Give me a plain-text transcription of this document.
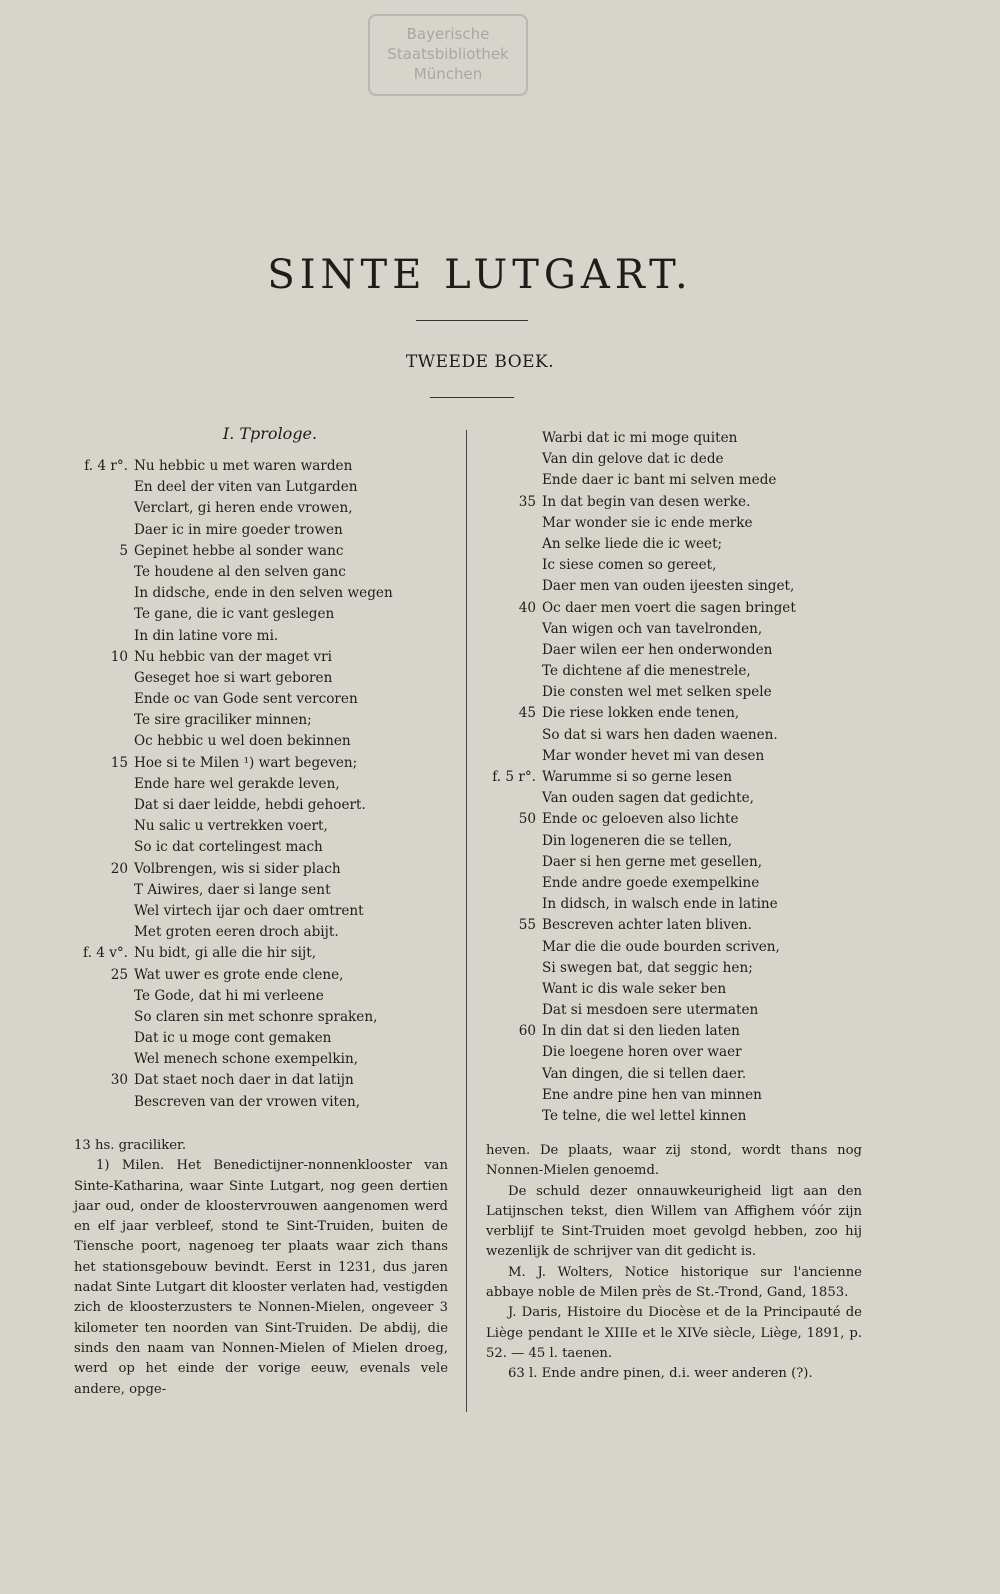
Bayerische
Staatsbibliothek
München
SINTE LUTGART.
TWEEDE BOEK.
I. Tprologe.
f. 4 r°. Nu hebbic u met waren warden
En deel der viten van Lutgarden
Verclart, gi heren ende vrowen,
Daer ic in mire goeder trowen
5 Gepinet hebbe al sonder wanc
Te houdene al den selven ganc
In didsche, ende in den selven wegen
Te gane, die ic vant geslegen
In din latine vore mi.
10 Nu hebbic van der maget vri
Geseget hoe si wart geboren
Ende oc van Gode sent vercoren
Te sire graciliker minnen;
Oc hebbic u wel doen bekinnen
15 Hoe si te Milen ¹) wart begeven;
Ende hare wel gerakde leven,
Dat si daer leidde, hebdi gehoert.
Nu salic u vertrekken voert,
So ic dat cortelingest mach
20 Volbrengen, wis si sider plach
T Aiwires, daer si lange sent
Wel virtech ijar och daer omtrent
Met groten eeren droch abijt.
f. 4 v°. Nu bidt, gi alle die hir sijt,
25 Wat uwer es grote ende clene,
Te Gode, dat hi mi verleene
So claren sin met schonre spraken,
Dat ic u moge cont gemaken
Wel menech schone exempelkin,
30 Dat staet noch daer in dat latijn
Bescreven van der vrowen viten,
Warbi dat ic mi moge quiten
Van din gelove dat ic dede
Ende daer ic bant mi selven mede
35 In dat begin van desen werke.
Mar wonder sie ic ende merke
An selke liede die ic weet;
Ic siese comen so gereet,
Daer men van ouden ijeesten singet,
40 Oc daer men voert die sagen bringet
Van wigen och van tavelronden,
Daer wilen eer hen onderwonden
Te dichtene af die menestrele,
Die consten wel met selken spele
45 Die riese lokken ende tenen,
So dat si wars hen daden waenen.
Mar wonder hevet mi van desen
f. 5 r°. Warumme si so gerne lesen
Van ouden sagen dat gedichte,
50 Ende oc geloeven also lichte
Din logeneren die se tellen,
Daer si hen gerne met gesellen,
Ende andre goede exempelkine
In didsch, in walsch ende in latine
55 Bescreven achter laten bliven.
Mar die die oude bourden scriven,
Si swegen bat, dat seggic hen;
Want ic dis wale seker ben
Dat si mesdoen sere utermaten
60 In din dat si den lieden laten
Die loegene horen over waer
Van dingen, die si tellen daer.
Ene andre pine hen van minnen
Te telne, die wel lettel kinnen

13 hs. graciliker.

1) Milen. Het Benedictijner-nonnenklooster van Sinte-Katharina, waar Sinte Lutgart, nog geen dertien jaar oud, onder de kloostervrouwen aangenomen werd en elf jaar verbleef, stond te Sint-Truiden, buiten de Tiensche poort, nagenoeg ter plaats waar zich thans het stationsgebouw bevindt. Eerst in 1231, dus jaren nadat Sinte Lutgart dit klooster verlaten had, vestigden zich de kloosterzusters te Nonnen-Mielen, ongeveer 3 kilometer ten noorden van Sint-Truiden. De abdij, die sinds den naam van Nonnen-Mielen of Mielen droeg, werd op het einde der vorige eeuw, evenals vele andere, opge-

heven. De plaats, waar zij stond, wordt thans nog Nonnen-Mielen genoemd.

De schuld dezer onnauwkeurigheid ligt aan den Latijnschen tekst, dien Willem van Affighem vóór zijn verblijf te Sint-Truiden moet gevolgd hebben, zoo hij wezenlijk de schrijver van dit gedicht is.

M. J. Wolters, Notice historique sur l'ancienne abbaye noble de Milen près de St.-Trond, Gand, 1853.

J. Daris, Histoire du Diocèse et de la Principauté de Liège pendant le XIIIe et le XIVe siècle, Liège, 1891, p. 52. — 45 l. taenen.

63 l. Ende andre pinen, d.i. weer anderen (?).
